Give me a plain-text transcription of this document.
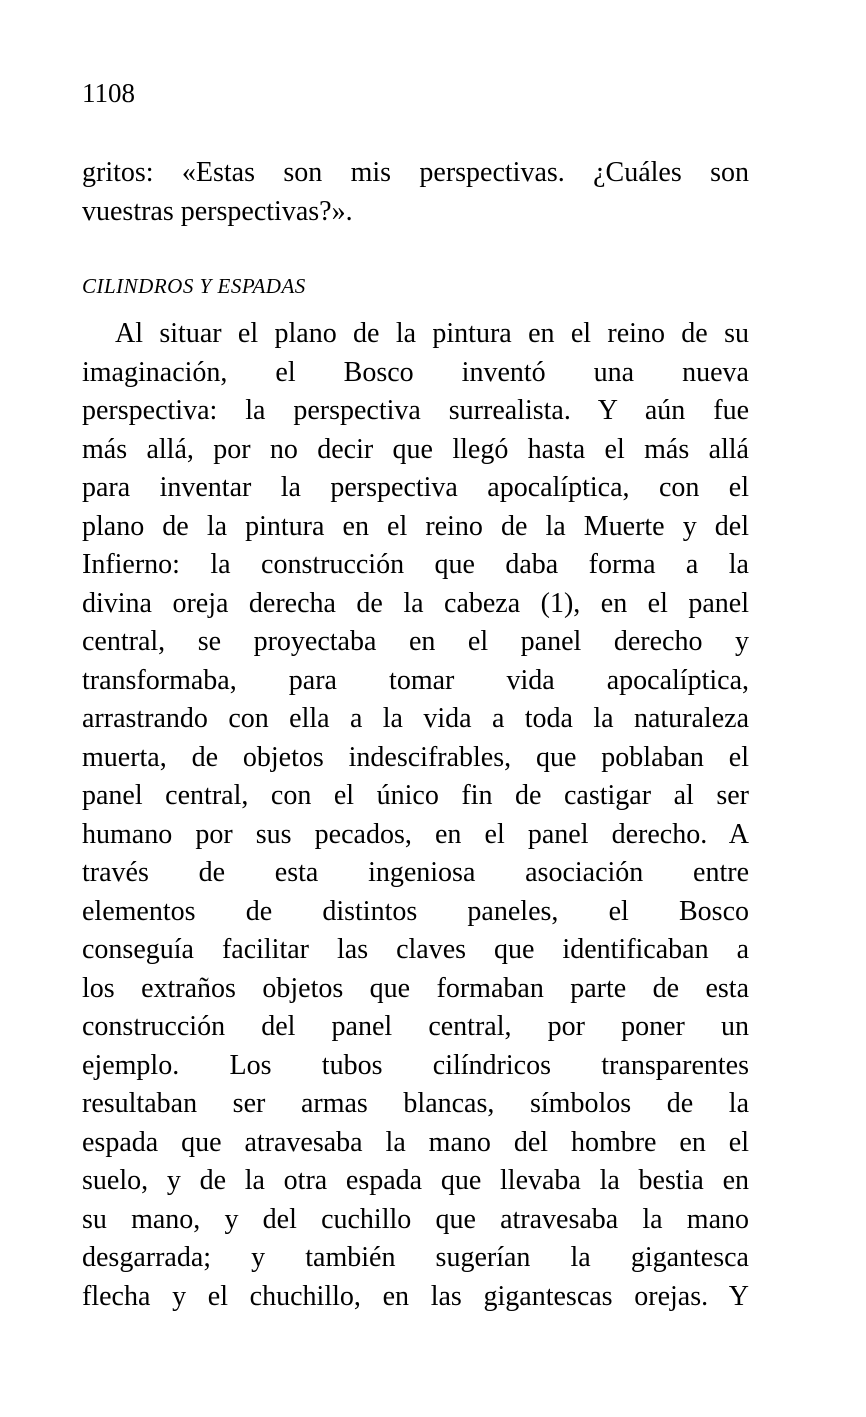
1108
gritos: «Estas son mis perspectivas. ¿Cuáles son
vuestras perspectivas?».
CILINDROS Y ESPADAS
Al situar el plano de la pintura en el reino de su
imaginación, el Bosco inventó una nueva
perspectiva: la perspectiva surrealista. Y aún fue
más allá, por no decir que llegó hasta el más allá
para inventar la perspectiva apocalíptica, con el
plano de la pintura en el reino de la Muerte y del
Infierno: la construcción que daba forma a la
divina oreja derecha de la cabeza (1), en el panel
central, se proyectaba en el panel derecho y
transformaba, para tomar vida apocalíptica,
arrastrando con ella a la vida a toda la naturaleza
muerta, de objetos indescifrables, que poblaban el
panel central, con el único fin de castigar al ser
humano por sus pecados, en el panel derecho. A
través de esta ingeniosa asociación entre
elementos de distintos paneles, el Bosco
conseguía facilitar las claves que identificaban a
los extraños objetos que formaban parte de esta
construcción del panel central, por poner un
ejemplo. Los tubos cilíndricos transparentes
resultaban ser armas blancas, símbolos de la
espada que atravesaba la mano del hombre en el
suelo, y de la otra espada que llevaba la bestia en
su mano, y del cuchillo que atravesaba la mano
desgarrada; y también sugerían la gigantesca
flecha y el chuchillo, en las gigantescas orejas. Y
